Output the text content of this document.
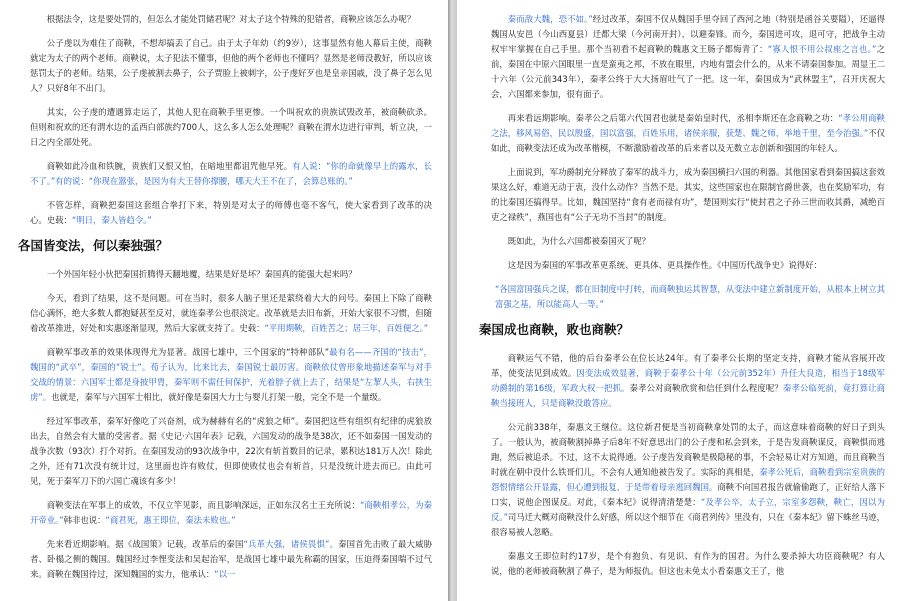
根据法令，这是要处罚的，但怎么才能处罚储君呢？对太子这个特殊的犯错者，商鞅应该怎么办呢？

公子虔以为难住了商鞅，不想却搞丢了自己。由于太子年幼（约9岁），这事显然有他人幕后主使，商鞅就定为太子的两个老师。商鞅说，太子犯法不懂事，但他的两个老师也不懂吗？显然是老师没教好，所以应该惩罚太子的老师。结果，公子虔被割去鼻子，公子贾脸上被刺字，公子虔好歹也是皇亲国戚，没了鼻子怎么见人？只好8年不出门。

其实，公子虔的遭遇算走运了，其他人犯在商鞅手里更惨。一个叫祝欢的贵族试毁改革，被商鞅砍杀。但则和祝欢的还有渭水边的孟西白部族约700人，这么多人怎么处理呢？商鞅在渭水边进行审判，斩立决，一日之内全部处死。

商鞅如此冷血和铁腕，贵族们又恨又怕，在暗地里都诅咒他早死。有人说：“你的命就像早上的露水，长不了。”有的说：“你现在嚣张，是因为有大王替你撑腰，哪天大王不在了，会算总账的。”

不管怎样，商鞅把秦国这套组合拳打下来，特别是对太子的师傅也毫不客气，使大家看到了改革的决心。史载：“明日，秦人皆趋令。”

各国皆变法，何以秦独强？

一个外国年轻小伙把秦国折腾得天翻地覆，结果是好是坏？秦国真的能强大起来吗？

今天，看到了结果，这不是问题。可在当时，很多人脑子里还是萦绕着大大的问号。秦国上下除了商鞅信心满怀，绝大多数人都抱疑甚至反对，就连秦孝公也很淡定。改革就是去旧布新，开始大家很不习惯，但随着改革推进，好处和实惠逐渐显现，然后大家就支持了。史载：“平用期鞅，百姓苦之；居三年，百姓便之。”

商鞅军事改革的效果体现得尤为显著。战国七雄中，三个国家的“特种部队”最有名——齐国的“技击”，魏国的“武卒”，秦国的“锐士”。荀子认为，比来比去，秦国锐士最厉害。商鞅依仗曾形象地描述秦军与对手交战的情景：六国军士都是身披甲胄，秦军则不需任何保护，光着脖子就上去了，结果是“左挈人头，右挟生虏”。也就是，秦军与六国军士相比，就好像是秦国大力士与婴儿打架一般，完全不是一个量级。

经过军事改革，秦军好像吃了兴奋剂，成为赫赫有名的“虎狼之师”。秦国把这些有组织有纪律的虎狼放出去，自然会有大量的受害者。据《史记·六国年表》记载，六国发动的战争是38次，还不如秦国一国发动的战争次数（93次）打个对折。在秦国发动的93次战争中，22次有斩首数目的记录，累积达181万人次！除此之外，还有71次没有统计过，这里面也许有败仗，但即使败仗也会有斩首，只是没统计进去而已。由此可见，死于秦军刀下的六国亡魂该有多少！

商鞅变法在军事上的成效，不仅立竿见影，而且影响深远，正如东汉名士王充所说：“商鞅相孝公，为秦开帝业。”韩非也说：“商君死，惠王即位，秦法未败也。”

先来看近期影响。据《战国策》记载，改革后的秦国“兵革大强，诸侯畏惧”。秦国首先击败了最大威胁者、卧榻之侧的魏国。魏国经过李悝变法和吴起治军，是战国七雄中最先称霸的国家，压迫得秦国喘不过气来。商鞅在魏国待过，深知魏国的实力，他承认：“以一

秦而敌大魏，恐不如。”经过改革，秦国不仅从魏国手里夺回了西河之地（特别是函谷关要隘），还逼得魏国从安邑（今山西夏县）迁都大梁（今河南开封），以避秦锋。而今，秦国进可攻，退可守，把战争主动权牢牢掌握在自己手里。那个当初看不起商鞅的魏惠文王肠子都悔青了：“寡人恨不用公叔座之言也。”之前，秦国在中原六国眼里一直是蛮夷之邦，不放在眼里，内地有盟会什么的，从来不请秦国参加。周显王二十六年（公元前343年），秦孝公终于大大扬眉吐气了一把。这一年，秦国成为“武林盟主”，召开庆祝大会，六国都来参加，很有面子。

再来看远期影响。秦孝公之后第六代国君也就是秦始皇时代，丞相李斯还在念商鞅之功：“孝公用商鞅之法，移风易俗，民以殷盛，国以富强，百姓乐用，诸侯亲服，获楚、魏之师，举地千里，至今治强。”不仅如此，商鞅变法还成为改革楷模，不断激励着改革的后来者以及无数立志创新和强国的年轻人。

上面说到，军功爵制充分释放了秦军的战斗力，成为秦国横扫六国的利器。其他国家看到秦国搞这套效果这么好，难道无动于衷，没什么动作？当然不是。其实，这些国家也在限制官爵世袭，也在奖励军功，有的比秦国还搞得早。比如，魏国坚持“食有老而禄有功”，楚国则实行“使封君之子孙三世而收其爵，减绝百吏之禄秩”，燕国也有“公子无功不当封”的制度。

既如此，为什么六国都被秦国灭了呢？

这是因为秦国的军事改革更系统、更具体、更具操作性。《中国历代战争史》说得好：

“各国富国强兵之谋，都在旧制度中打转，而商鞅独运其智慧，从变法中建立新制度开始，从根本上树立其富强之基，所以能高人一等。”

秦国成也商鞅，败也商鞅？

商鞅运气不错，他的后台秦孝公在位长达24年。有了秦孝公长期的坚定支持，商鞅才能从容展开改革，使变法见到成效。因变法成效显著，商鞅于秦孝公十年（公元前352年）升任大良造，相当于18级军功爵制的第16级，军政大权一把抓。秦孝公对商鞅欣赏和信任到什么程度呢？秦孝公临死前，竟打算让商鞅当接班人，只是商鞅没敢答应。

公元前338年，秦惠文王继位。这位新君便是当初商鞅拿处罚的太子，而这意味着商鞅的好日子到头了。一般认为，被商鞅割掉鼻子后8年不好意思出门的公子虔和私会到来，于是告发商鞅谋反，商鞅惧而逃跑，然后被追杀。不过，这不太说得通。公子虔告发商鞅是极隐秘的事，不会轻易让对方知道，而且商鞅当时就在朝中没什么铁哥们儿，不会有人通知他被告发了。实际的真相是，秦孝公死后，商鞅看到宗室贵族的怨恨情绪公开显露，但心遭到报复，于是带着母亲逃回魏国。商鞅不向国君报告就偷偷跑了，正好给人落下口实，说他企图谋反。对此，《秦本纪》说得清清楚楚：“及孝公卒，太子立，宗室多怨鞅，鞅亡，因以为反。”司马迁大概对商鞅没什么好感，所以这个细节在《商君列传》里没有，只在《秦本纪》留下蛛丝马迹，很容易被人忽略。

秦惠文王即位时约17岁，是个有抱负、有见识、有作为的国君。为什么要杀掉大功臣商鞅呢？有人说，他的老师被商鞅割了鼻子，是为师报仇。但这也未免太小看秦惠文王了，他
